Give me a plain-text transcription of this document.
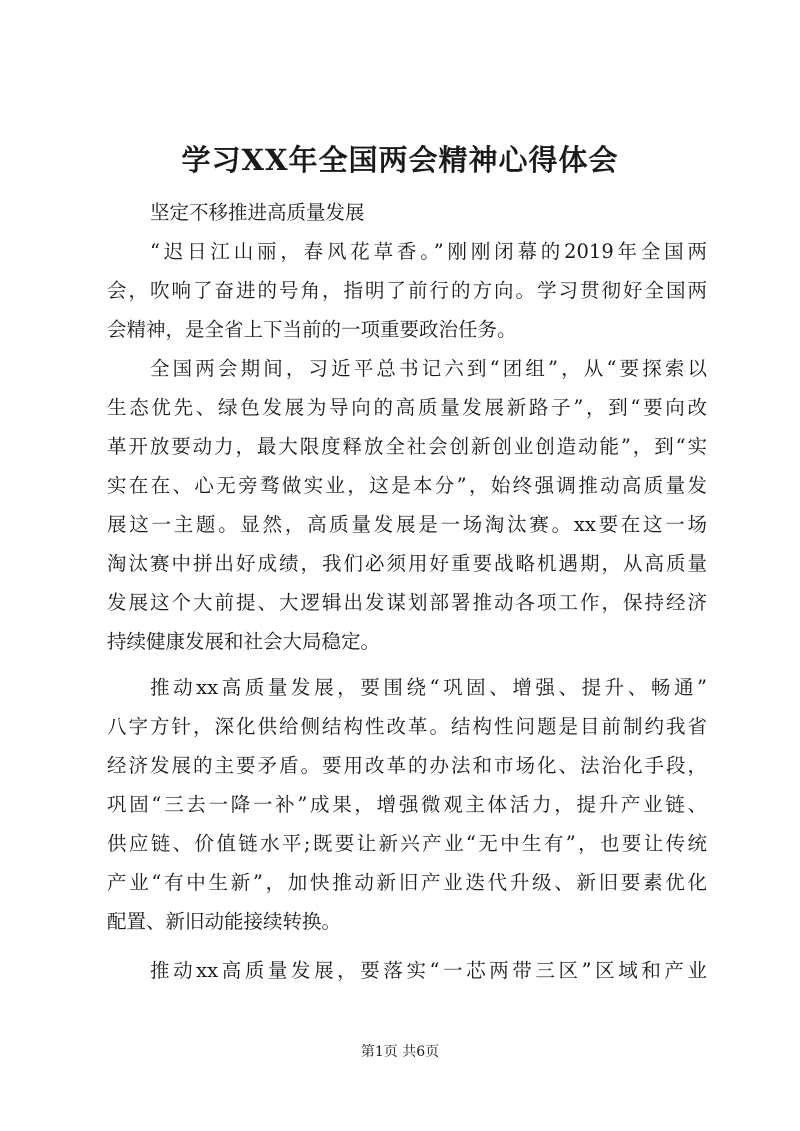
学习XX年全国两会精神心得体会
坚定不移推进高质量发展
“迟日江山丽，春风花草香。”刚刚闭幕的2019年全国两
会，吹响了奋进的号角，指明了前行的方向。学习贯彻好全国两
会精神，是全省上下当前的一项重要政治任务。
全国两会期间，习近平总书记六到“团组”，从“要探索以
生态优先、绿色发展为导向的高质量发展新路子”，到“要向改
革开放要动力，最大限度释放全社会创新创业创造动能”，到“实
实在在、心无旁骛做实业，这是本分”，始终强调推动高质量发
展这一主题。显然，高质量发展是一场淘汰赛。xx要在这一场
淘汰赛中拼出好成绩，我们必须用好重要战略机遇期，从高质量
发展这个大前提、大逻辑出发谋划部署推动各项工作，保持经济
持续健康发展和社会大局稳定。
推动xx高质量发展，要围绕“巩固、增强、提升、畅通”
八字方针，深化供给侧结构性改革。结构性问题是目前制约我省
经济发展的主要矛盾。要用改革的办法和市场化、法治化手段，
巩固“三去一降一补”成果，增强微观主体活力，提升产业链、
供应链、价值链水平;既要让新兴产业“无中生有”，也要让传统
产业“有中生新”，加快推动新旧产业迭代升级、新旧要素优化
配置、新旧动能接续转换。
推动xx高质量发展，要落实“一芯两带三区”区域和产业
第1页 共6页
